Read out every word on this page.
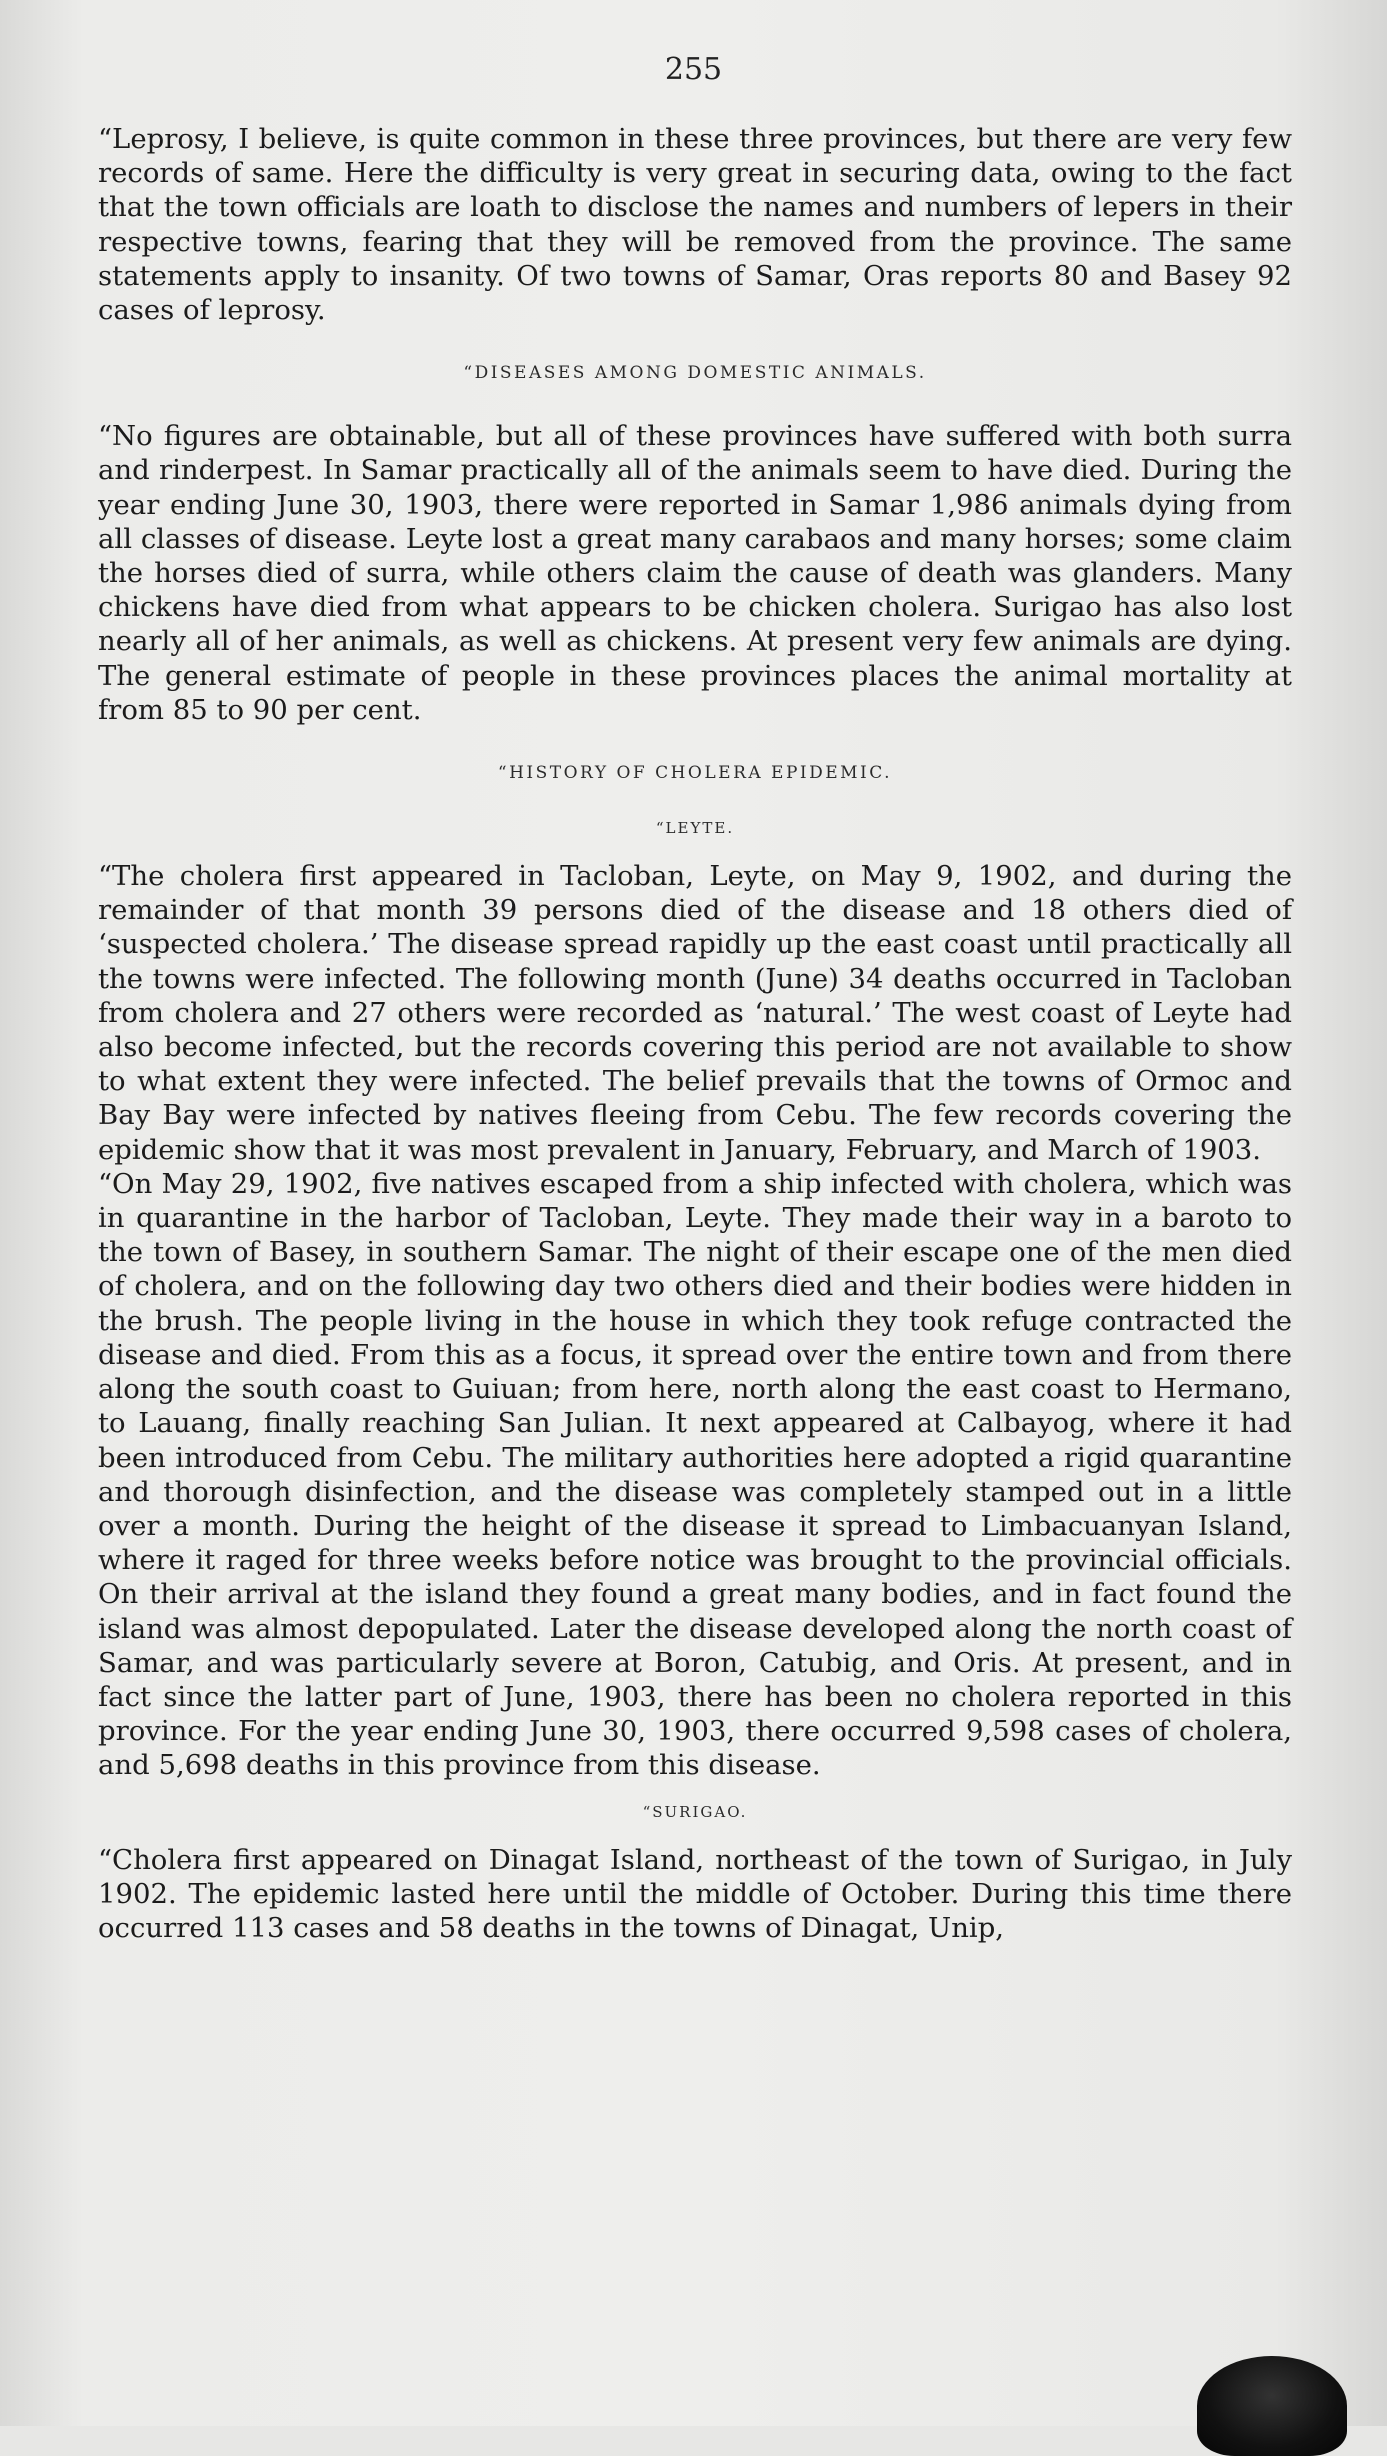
255

“Leprosy, I believe, is quite common in these three provinces, but there are very few records of same. Here the difficulty is very great in securing data, owing to the fact that the town officials are loath to disclose the names and numbers of lepers in their respective towns, fearing that they will be removed from the province. The same statements apply to insanity. Of two towns of Samar, Oras reports 80 and Basey 92 cases of leprosy.

“DISEASES AMONG DOMESTIC ANIMALS.

“No figures are obtainable, but all of these provinces have suffered with both surra and rinderpest. In Samar practically all of the animals seem to have died. During the year ending June 30, 1903, there were reported in Samar 1,986 animals dying from all classes of disease. Leyte lost a great many carabaos and many horses; some claim the horses died of surra, while others claim the cause of death was glanders. Many chickens have died from what appears to be chicken cholera. Surigao has also lost nearly all of her animals, as well as chickens. At present very few animals are dying. The general estimate of people in these provinces places the animal mortality at from 85 to 90 per cent.

“HISTORY OF CHOLERA EPIDEMIC.
“LEYTE.

“The cholera first appeared in Tacloban, Leyte, on May 9, 1902, and during the remainder of that month 39 persons died of the disease and 18 others died of ‘suspected cholera.’ The disease spread rapidly up the east coast until practically all the towns were infected. The following month (June) 34 deaths occurred in Tacloban from cholera and 27 others were recorded as ‘natural.’ The west coast of Leyte had also become infected, but the records covering this period are not available to show to what extent they were infected. The belief prevails that the towns of Ormoc and Bay Bay were infected by natives fleeing from Cebu. The few records covering the epidemic show that it was most prevalent in January, February, and March of 1903.

“On May 29, 1902, five natives escaped from a ship infected with cholera, which was in quarantine in the harbor of Tacloban, Leyte. They made their way in a baroto to the town of Basey, in southern Samar. The night of their escape one of the men died of cholera, and on the following day two others died and their bodies were hidden in the brush. The people living in the house in which they took refuge contracted the disease and died. From this as a focus, it spread over the entire town and from there along the south coast to Guiuan; from here, north along the east coast to Hermano, to Lauang, finally reaching San Julian. It next appeared at Calbayog, where it had been introduced from Cebu. The military authorities here adopted a rigid quarantine and thorough disinfection, and the disease was completely stamped out in a little over a month. During the height of the disease it spread to Limbacuanyan Island, where it raged for three weeks before notice was brought to the provincial officials. On their arrival at the island they found a great many bodies, and in fact found the island was almost depopulated. Later the disease developed along the north coast of Samar, and was particularly severe at Boron, Catubig, and Oris. At present, and in fact since the latter part of June, 1903, there has been no cholera reported in this province. For the year ending June 30, 1903, there occurred 9,598 cases of cholera, and 5,698 deaths in this province from this disease.

“SURIGAO.

“Cholera first appeared on Dinagat Island, northeast of the town of Surigao, in July 1902. The epidemic lasted here until the middle of October. During this time there occurred 113 cases and 58 deaths in the towns of Dinagat, Unip,
